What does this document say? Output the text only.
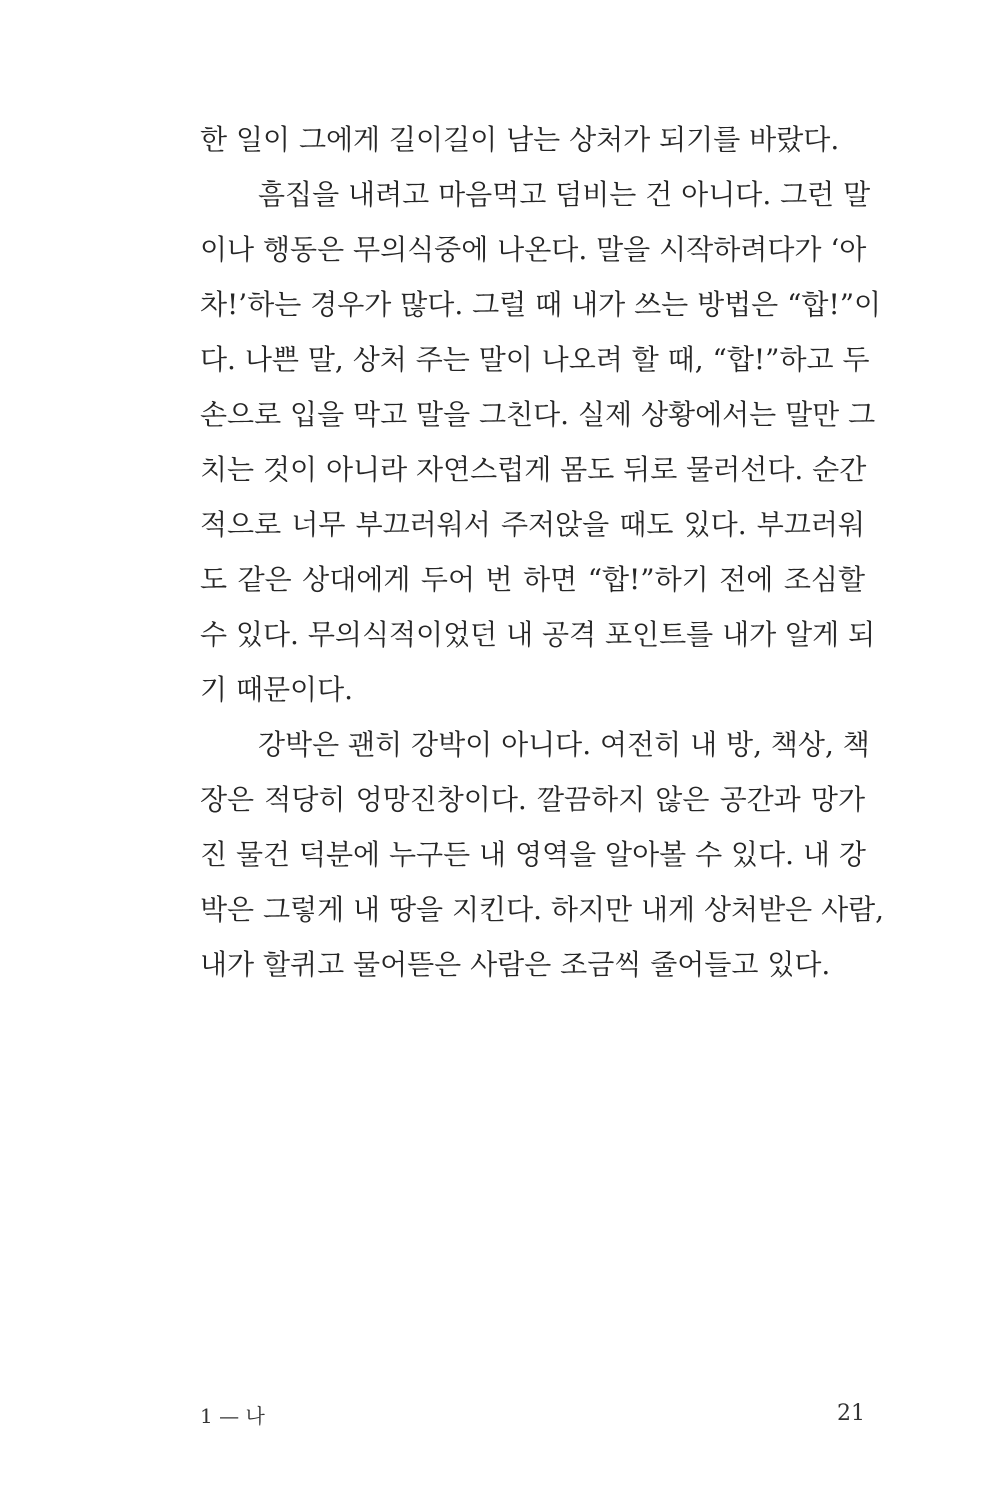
한 일이 그에게 길이길이 남는 상처가 되기를 바랐다.
흠집을 내려고 마음먹고 덤비는 건 아니다. 그런 말
이나 행동은 무의식중에 나온다. 말을 시작하려다가 ‘아
차!’하는 경우가 많다. 그럴 때 내가 쓰는 방법은 “합!”이
다. 나쁜 말, 상처 주는 말이 나오려 할 때, “합!”하고 두
손으로 입을 막고 말을 그친다. 실제 상황에서는 말만 그
치는 것이 아니라 자연스럽게 몸도 뒤로 물러선다. 순간
적으로 너무 부끄러워서 주저앉을 때도 있다. 부끄러워
도 같은 상대에게 두어 번 하면 “합!”하기 전에 조심할
수 있다. 무의식적이었던 내 공격 포인트를 내가 알게 되
기 때문이다.
강박은 괜히 강박이 아니다. 여전히 내 방, 책상, 책
장은 적당히 엉망진창이다. 깔끔하지 않은 공간과 망가
진 물건 덕분에 누구든 내 영역을 알아볼 수 있다. 내 강
박은 그렇게 내 땅을 지킨다. 하지만 내게 상처받은 사람,
내가 할퀴고 물어뜯은 사람은 조금씩 줄어들고 있다.
1 — 나	21
